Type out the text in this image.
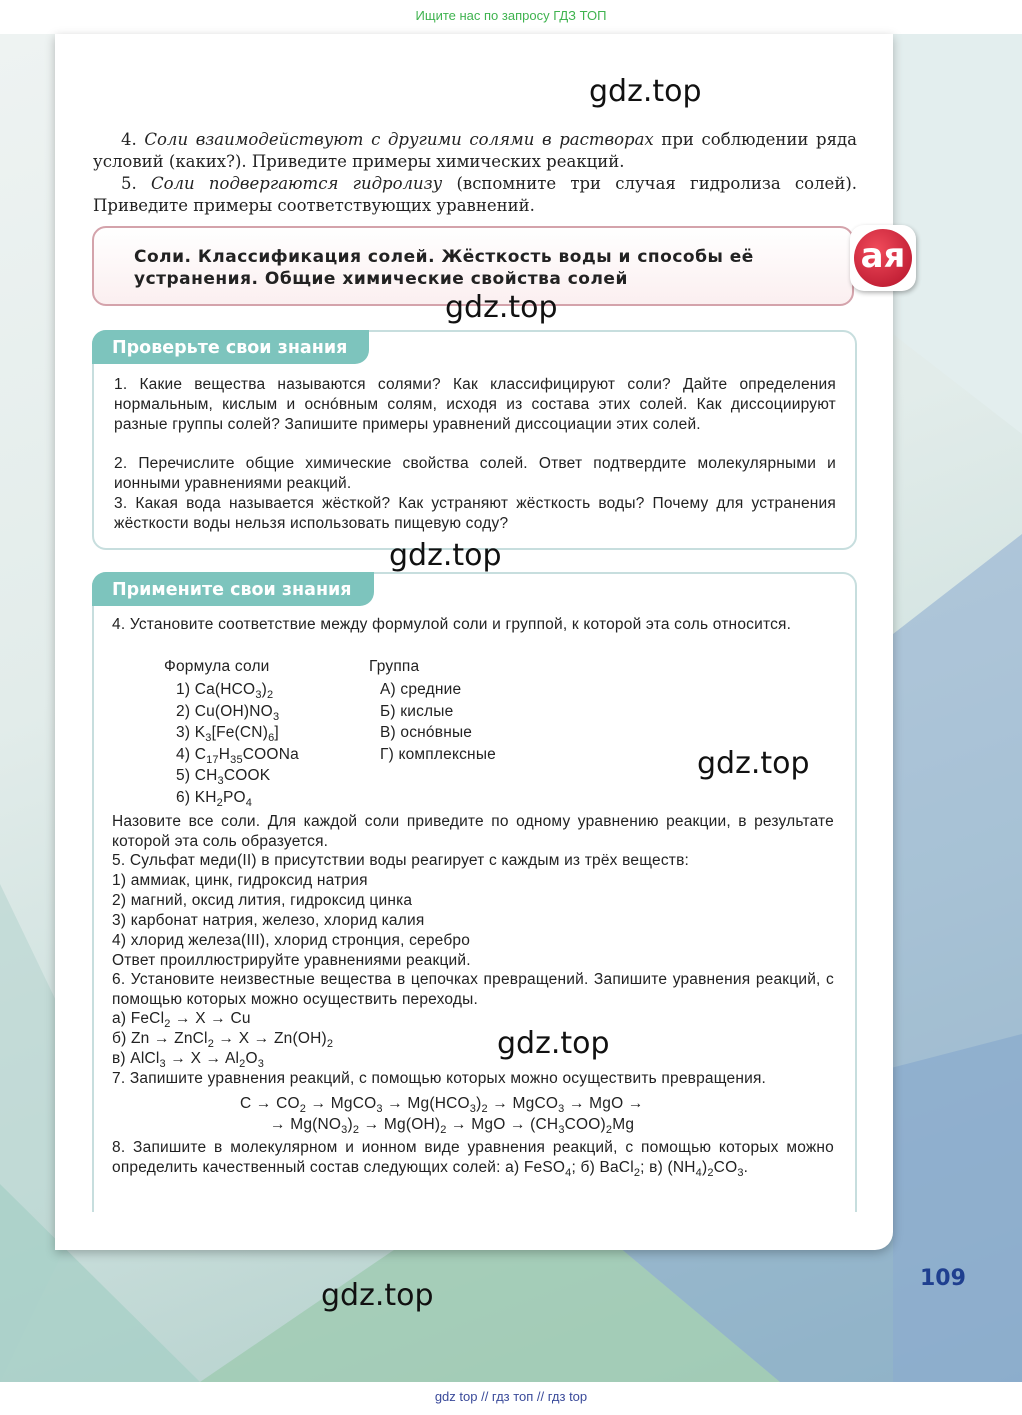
Ищите нас по запросу ГДЗ ТОП
gdz.top
4. Соли взаимодействуют с другими солями в растворах при соблюдении ряда условий (каких?). Приведите примеры химических реакций.
5. Соли подвергаются гидролизу (вспомните три случая гидролиза солей). Приведите примеры соответствующих уравнений.
Соли. Классификация солей. Жёсткость воды и способы её устранения. Общие химические свойства солей
ая
gdz.top
Проверьте свои знания
1. Какие вещества называются солями? Как классифицируют соли? Дайте определения нормальным, кислым и оснóвным солям, исходя из состава этих солей. Как диссоциируют разные группы солей? Запишите примеры уравнений диссоциации этих солей.
2. Перечислите общие химические свойства солей. Ответ подтвердите молекулярными и ионными уравнениями реакций.
3. Какая вода называется жёсткой? Как устраняют жёсткость воды? Почему для устранения жёсткости воды нельзя использовать пищевую соду?
gdz.top
Примените свои знания
4. Установите соответствие между формулой соли и группой, к которой эта соль относится.
Формула соли	Группа
1) $Ca(HCO_3)_2$
2) $Cu(OH)NO_3$
3) $K_3[Fe(CN)_6]$
4) $C_{17}H_{35}COONa$
5) $CH_3COOK$
6) $KH_2PO_4$
А) средние
Б) кислые
В) оснóвные
Г) комплексные
Назовите все соли. Для каждой соли приведите по одному уравнению реакции, в результате которой эта соль образуется.
5. Сульфат меди(II) в присутствии воды реагирует с каждым из трёх веществ:
1) аммиак, цинк, гидроксид натрия
2) магний, оксид лития, гидроксид цинка
3) карбонат натрия, железо, хлорид калия
4) хлорид железа(III), хлорид стронция, серебро
Ответ проиллюстрируйте уравнениями реакций.
6. Установите неизвестные вещества в цепочках превращений. Запишите уравнения реакций, с помощью которых можно осуществить переходы.
а) FeCl$_2$ → X → Cu
б) Zn → ZnCl$_2$ → $X \to Zn(OH)_2$
в) AlCl$_3$ → $X \to Al_2O_3$
7. Запишите уравнения реакций, с помощью которых можно осуществить превращения.
$C \to CO_2$ → MgCO$_3$ → $Mg(HCO_3)_2$ → MgCO$_3$ → MgO →
→ $Mg(NO_3)_2 \to Mg(OH)_2$ → MgO → $(CH_3COO)_2Mg$
8. Запишите в молекулярном и ионном виде уравнения реакций, с помощью которых можно определить качественный состав следующих солей: а) FeSO$_4$; б) BaCl$_2$; в) $(NH_4)_2CO_3$.
gdz.top
gdz.top
gdz.top	109
gdz top // гдз топ // гдз top
